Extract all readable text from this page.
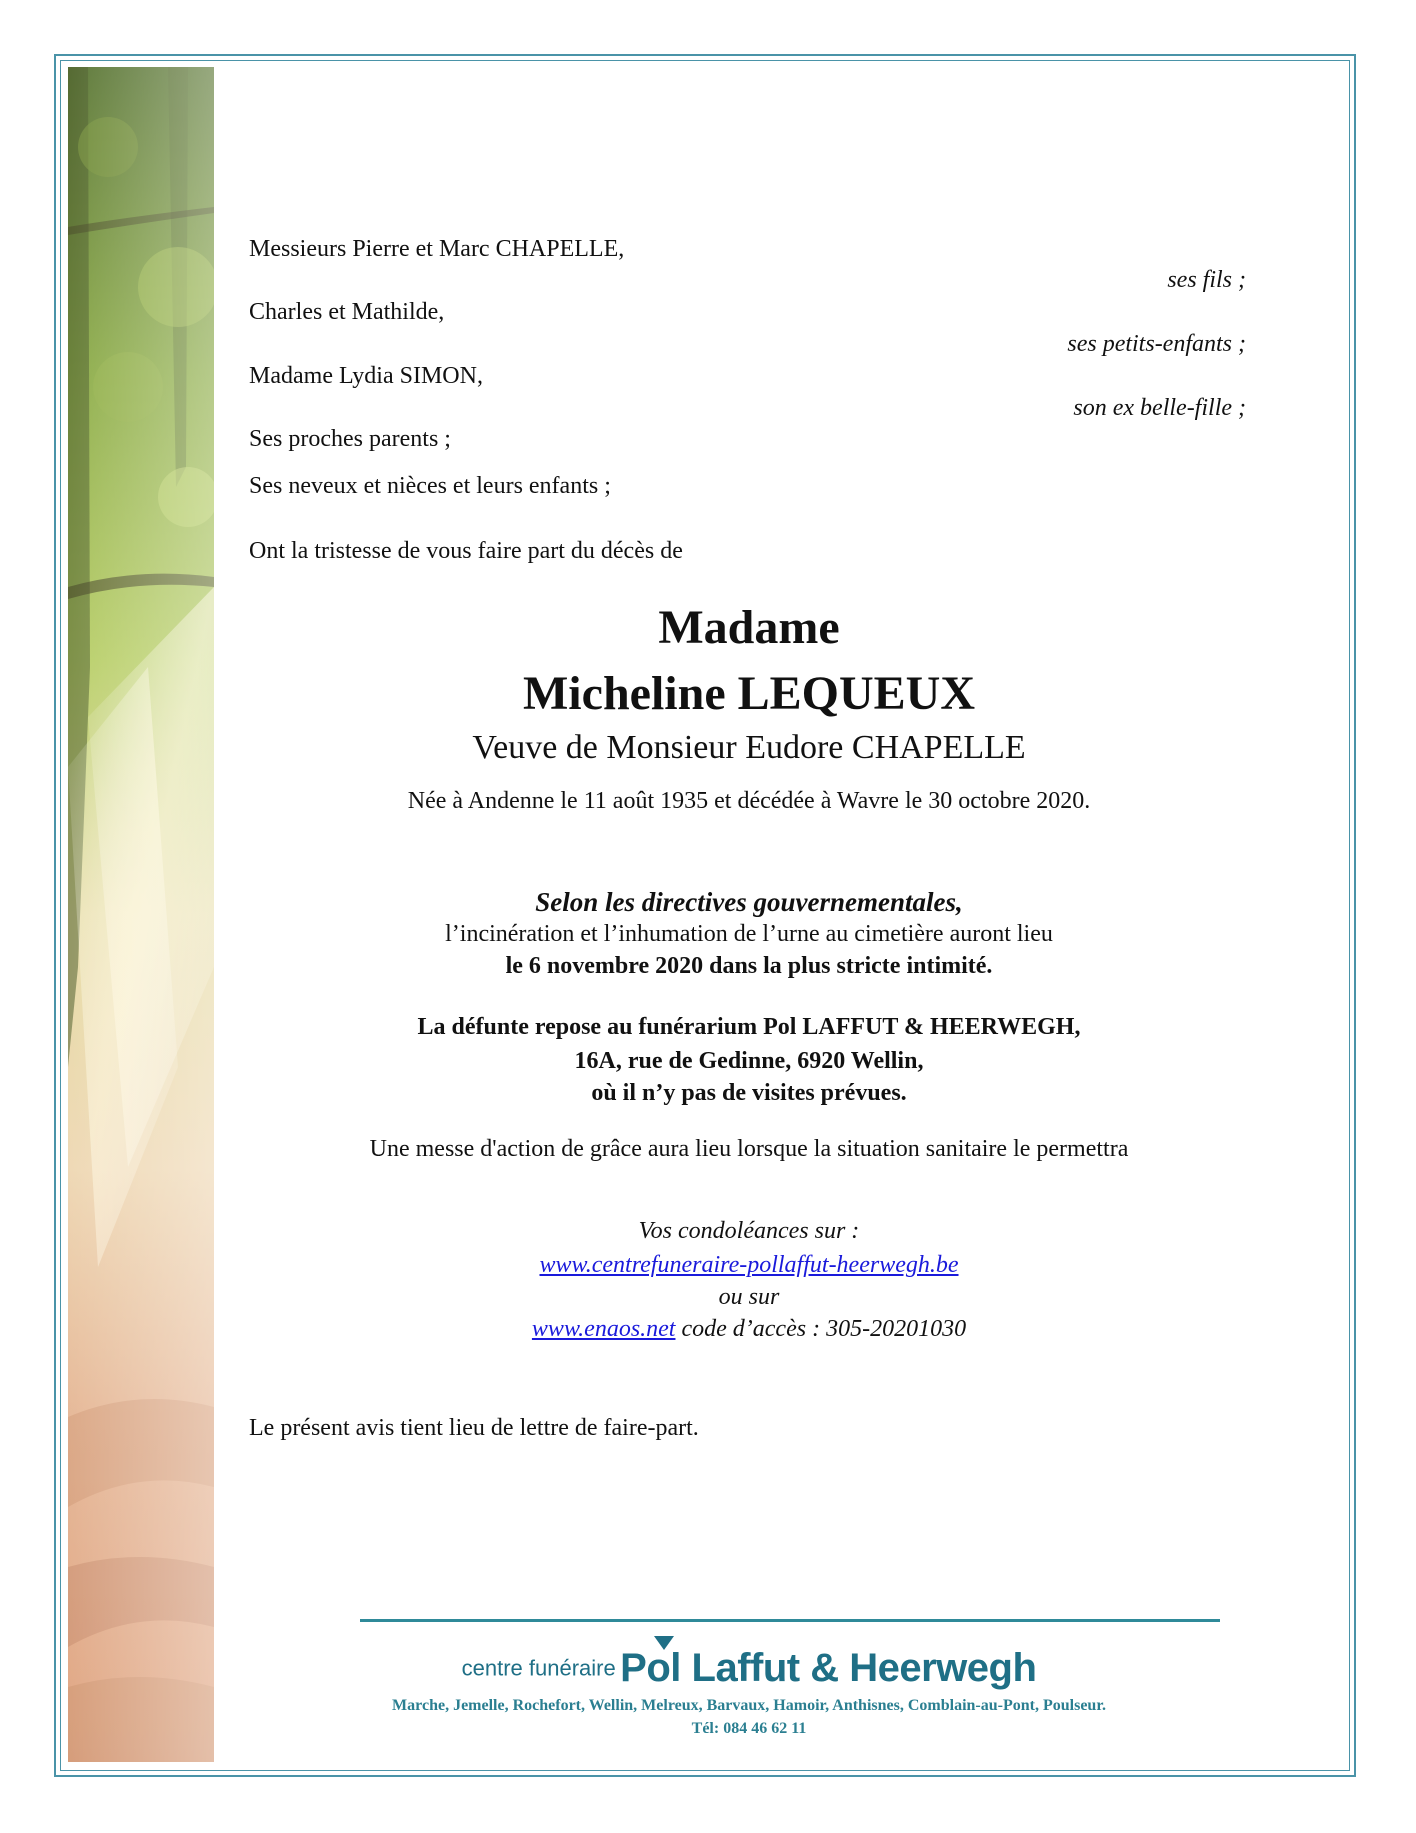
Messieurs Pierre et Marc CHAPELLE,
ses fils ;
Charles et Mathilde,
ses petits-enfants ;
Madame Lydia SIMON,
son ex belle-fille ;
Ses proches parents ;
Ses neveux et nièces et leurs enfants ;
Ont la tristesse de vous faire part du décès de
Madame
Micheline LEQUEUX
Veuve de Monsieur Eudore CHAPELLE
Née à Andenne le 11 août 1935 et décédée à Wavre le 30 octobre 2020.
Selon les directives gouvernementales,
l’incinération et l’inhumation de l’urne au cimetière auront lieu
le 6 novembre 2020 dans la plus stricte intimité.
La défunte repose au funérarium Pol LAFFUT & HEERWEGH,
16A, rue de Gedinne, 6920 Wellin,
où il n’y pas de visites prévues.
Une messe d'action de grâce aura lieu lorsque la situation sanitaire le permettra
Vos condoléances sur :
www.centrefuneraire-pollaffut-heerwegh.be
ou sur
www.enaos.net code d’accès : 305-20201030
Le présent avis tient lieu de lettre de faire-part.
centre funéraire Pol Laffut & Heerwegh
Marche, Jemelle, Rochefort, Wellin, Melreux, Barvaux, Hamoir, Anthisnes, Comblain-au-Pont, Poulseur.
Tél: 084 46 62 11
